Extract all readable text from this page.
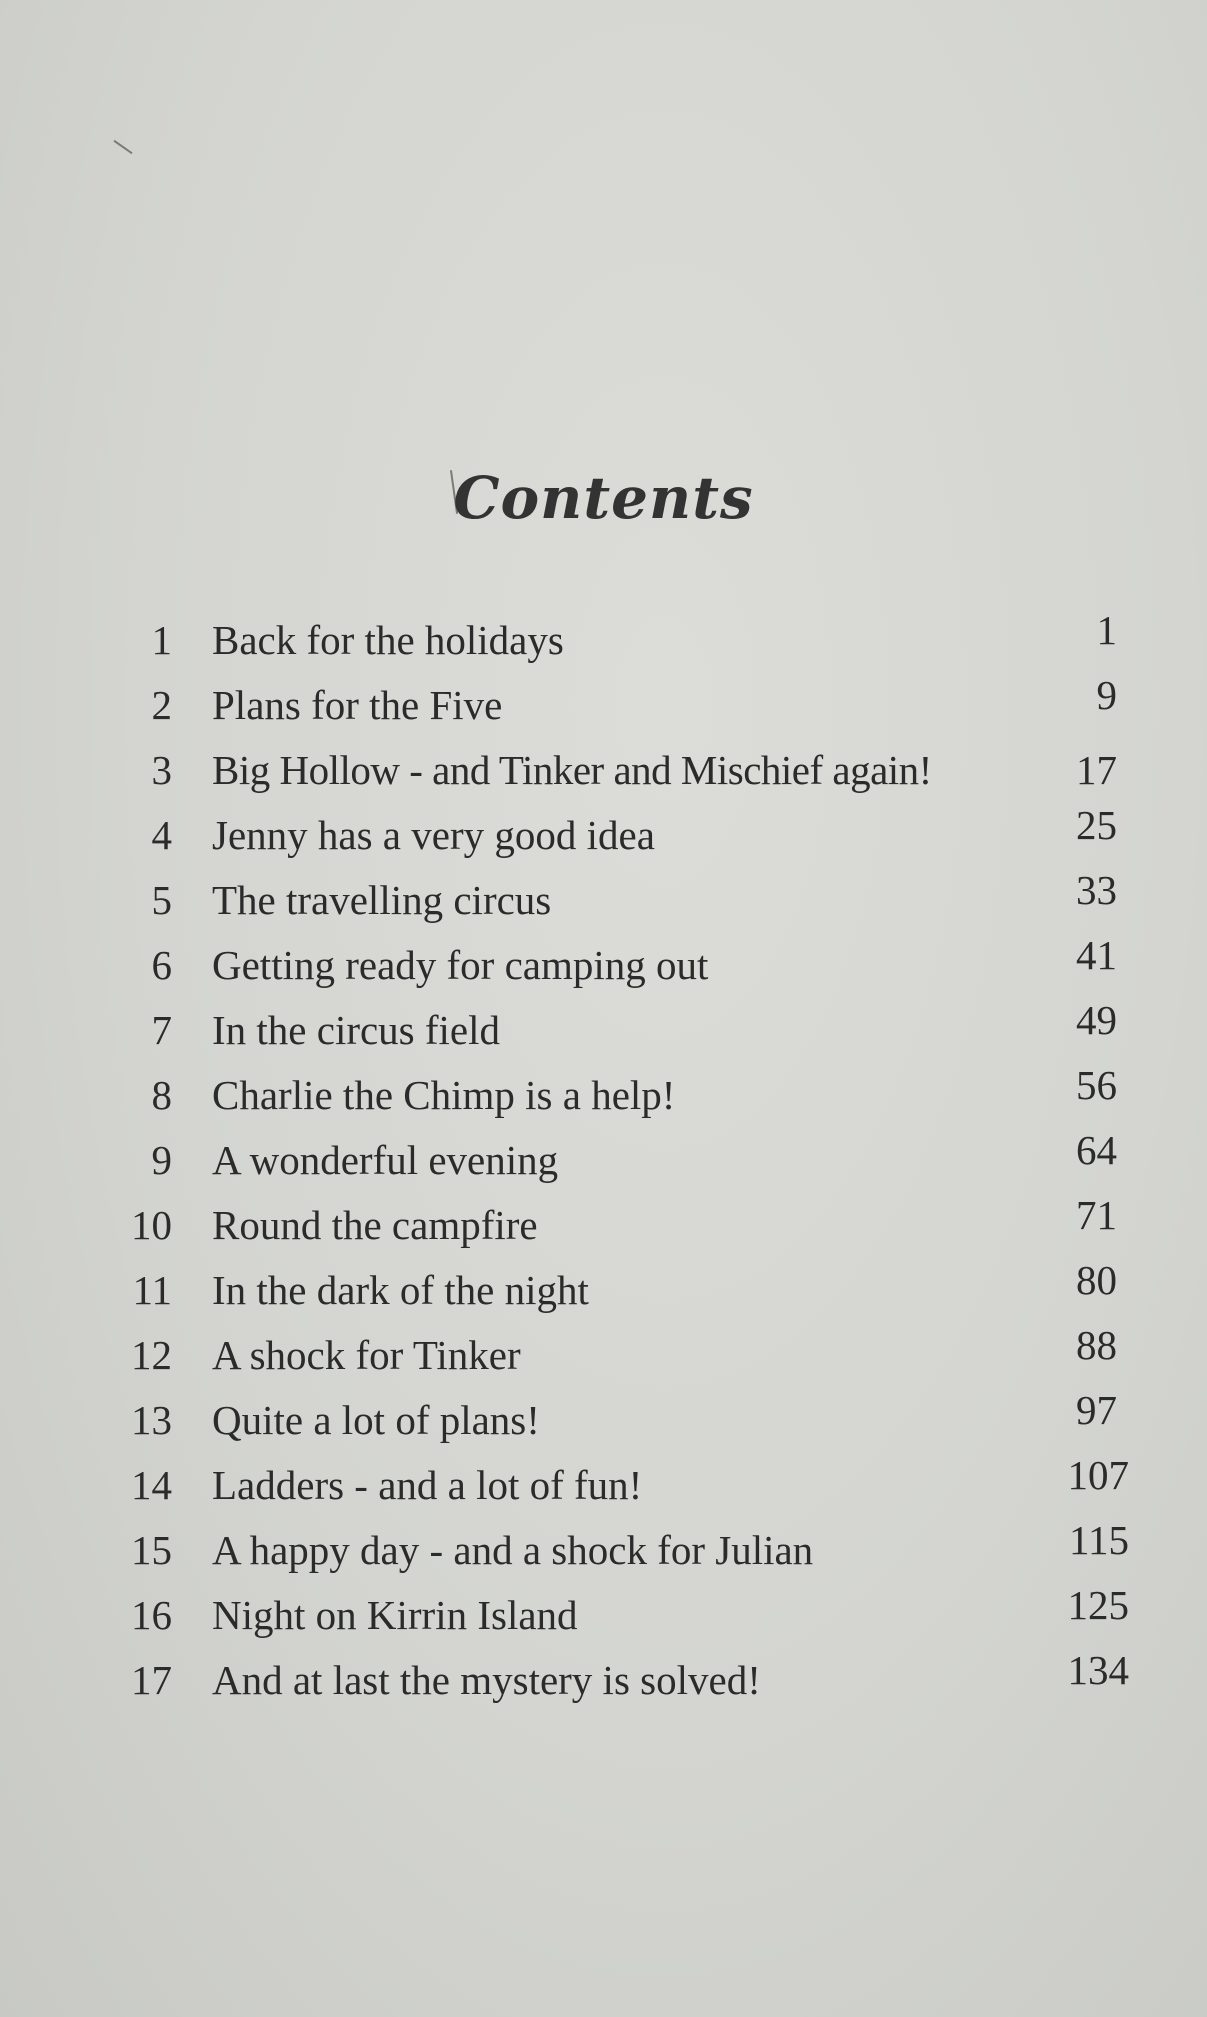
Contents
1 Back for the holidays	1
2 Plans for the Five	9
3 Big Hollow - and Tinker and Mischief again!	17
4 Jenny has a very good idea	25
5 The travelling circus	33
6 Getting ready for camping out	41
7 In the circus field	49
8 Charlie the Chimp is a help!	56
9 A wonderful evening	64
10 Round the campfire	71
11 In the dark of the night	80
12 A shock for Tinker	88
13 Quite a lot of plans!	97
14 Ladders - and a lot of fun!	107
15 A happy day - and a shock for Julian	115
16 Night on Kirrin Island	125
17 And at last the mystery is solved!	134
